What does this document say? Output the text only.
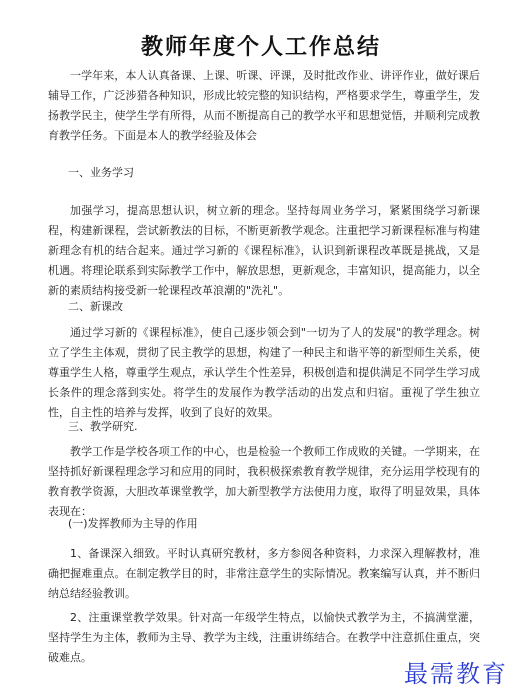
教师年度个人工作总结

一学年来，本人认真备课、上课、听课、评课，及时批改作业、讲评作业，做好课后辅导工作，广泛涉猎各种知识，形成比较完整的知识结构，严格要求学生，尊重学生，发扬教学民主，使学生学有所得，从而不断提高自己的教学水平和思想觉悟，并顺利完成教育教学任务。下面是本人的教学经验及体会

一、业务学习

加强学习，提高思想认识，树立新的理念。坚持每周业务学习，紧紧围绕学习新课程，构建新课程，尝试新教法的目标，不断更新教学观念。注重把学习新课程标准与构建新理念有机的结合起来。通过学习新的《课程标准》，认识到新课程改革既是挑战，又是机遇。将理论联系到实际教学工作中，解放思想，更新观念，丰富知识，提高能力，以全新的素质结构接受新一轮课程改革浪潮的"洗礼"。

二、新课改

通过学习新的《课程标准》，使自己逐步领会到"一切为了人的发展"的教学理念。树立了学生主体观，贯彻了民主教学的思想，构建了一种民主和谐平等的新型师生关系，使尊重学生人格，尊重学生观点，承认学生个性差异，积极创造和提供满足不同学生学习成长条件的理念落到实处。将学生的发展作为教学活动的出发点和归宿。重视了学生独立性，自主性的培养与发挥，收到了良好的效果。

三、教学研究.

教学工作是学校各项工作的中心，也是检验一个教师工作成败的关键。一学期来，在坚持抓好新课程理念学习和应用的同时，我积极探索教育教学规律，充分运用学校现有的教育教学资源，大胆改革课堂教学，加大新型教学方法使用力度，取得了明显效果，具体表现在：

(一)发挥教师为主导的作用

1、备课深入细致。平时认真研究教材，多方参阅各种资料，力求深入理解教材，准确把握难重点。在制定教学目的时，非常注意学生的实际情况。教案编写认真，并不断归纳总结经验教训。

2、注重课堂教学效果。针对高一年级学生特点，以愉快式教学为主，不搞满堂灌，坚持学生为主体，教师为主导、教学为主线，注重讲练结合。在教学中注意抓住重点，突破难点。

最需教育
